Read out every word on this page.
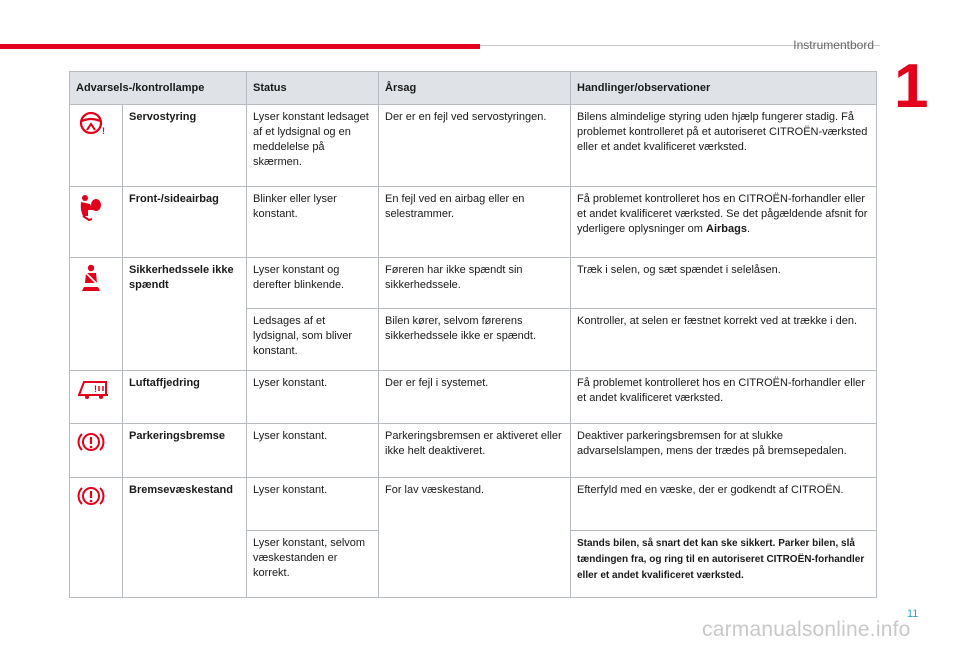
Instrumentbord
1
Advarsels-/kontrollampe		Status	Årsag	Handlinger/observationer

!	Servostyring	Lyser konstant ledsaget af et lydsignal og en meddelelse på skærmen.	Der er en fejl ved servostyringen.	Bilens almindelige styring uden hjælp fungerer stadig. Få problemet kontrolleret på et autoriseret CITROËN-værksted eller et andet kvalificeret værksted.
	Front-/sideairbag	Blinker eller lyser konstant.	En fejl ved en airbag eller en selestrammer.	Få problemet kontrolleret hos en CITROËN-forhandler eller et andet kvalificeret værksted. Se det pågældende afsnit for yderligere oplysninger om Airbags.
	Sikkerhedssele ikke spændt	Lyser konstant og derefter blinkende.	Føreren har ikke spændt sin sikkerhedssele.	Træk i selen, og sæt spændet i selelåsen.
		Ledsages af et lydsignal, som bliver konstant.	Bilen kører, selvom førerens sikkerhedssele ikke er spændt.	Kontroller, at selen er fæstnet korrekt ved at trække i den.

!	Luftaffjedring	Lyser konstant.	Der er fejl i systemet.	Få problemet kontrolleret hos en CITROËN-forhandler eller et andet kvalificeret værksted.
	Parkeringsbremse	Lyser konstant.	Parkeringsbremsen er aktiveret eller ikke helt deaktiveret.	Deaktiver parkeringsbremsen for at slukke advarselslampen, mens der trædes på bremsepedalen.
	Bremsevæskestand	Lyser konstant.	For lav væskestand.	Efterfyld med en væske, der er godkendt af CITROËN.
		Lyser konstant, selvom væskestanden er korrekt.		Stands bilen, så snart det kan ske sikkert. Parker bilen, slå tændingen fra, og ring til en autoriseret CITROËN-forhandler eller et andet kvalificeret værksted.
11
carmanualsonline.info
